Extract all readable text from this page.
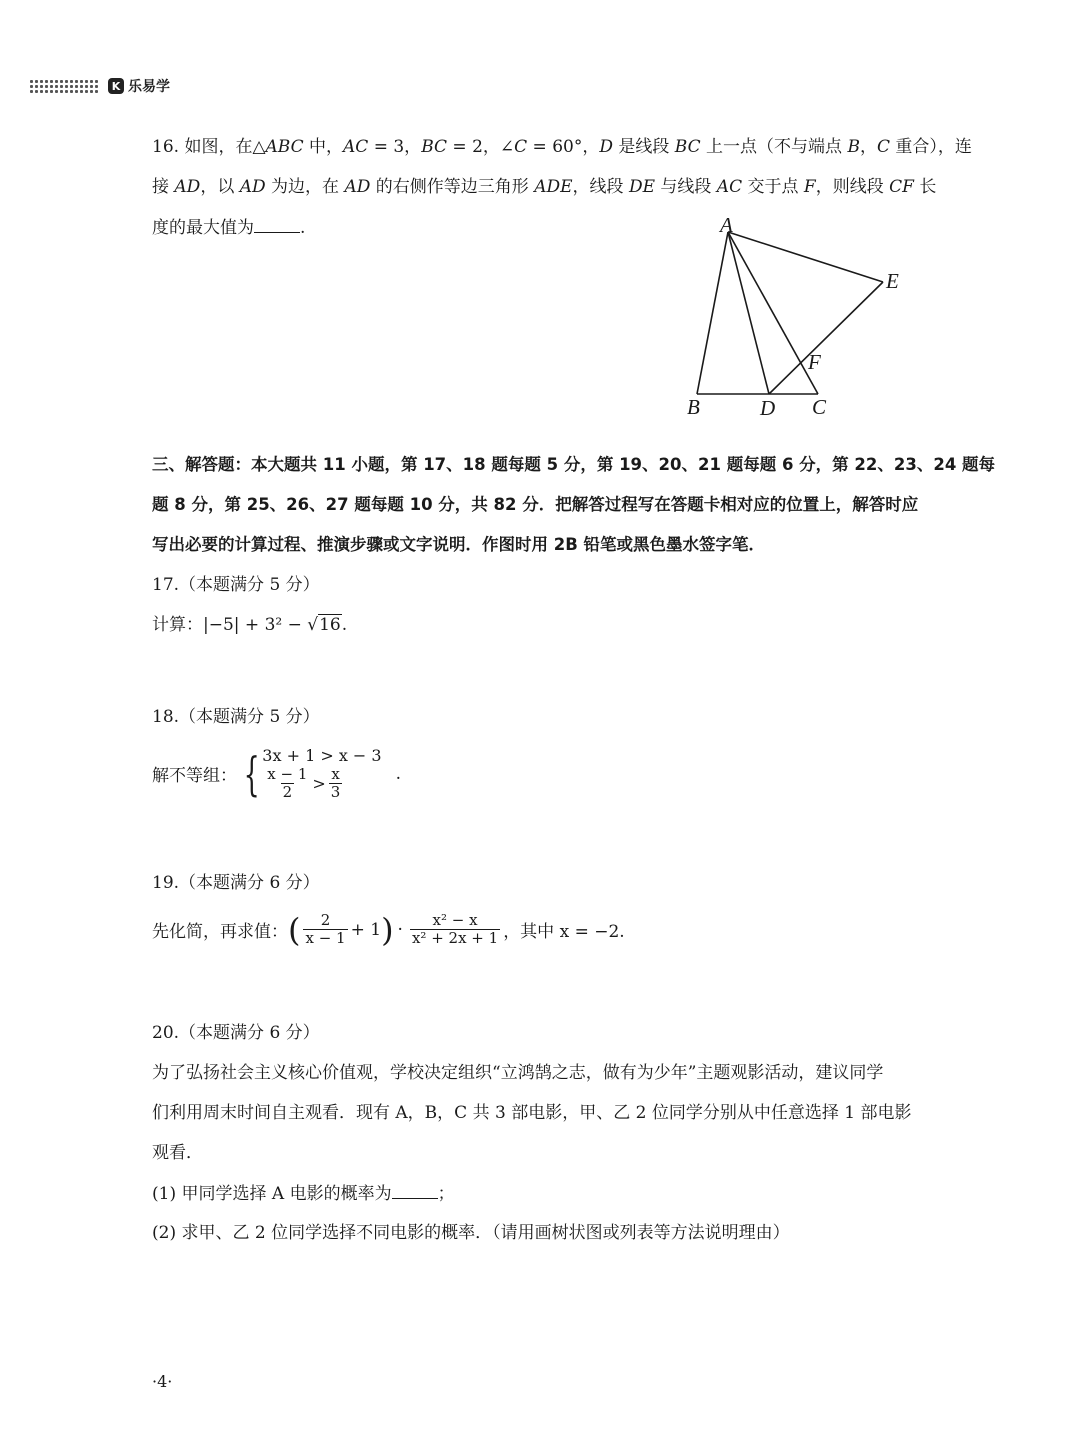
K 乐易学
16. 如图，在△ABC 中，AC = 3，BC = 2，∠C = 60°，D 是线段 BC 上一点（不与端点 B，C 重合），连
接 AD，以 AD 为边，在 AD 的右侧作等边三角形 ADE，线段 DE 与线段 AC 交于点 F，则线段 CF 长
度的最大值为	.	A
B	D C
E
F
三、解答题：本大题共 11 小题，第 17、18 题每题 5 分，第 19、20、21 题每题 6 分，第 22、23、24 题每
题 8 分，第 25、26、27 题每题 10 分，共 82 分．把解答过程写在答题卡相对应的位置上，解答时应
写出必要的计算过程、推演步骤或文字说明．作图时用 2B 铅笔或黑色墨水签字笔．
17.（本题满分 5 分）
计算：|−5| + 3² − √16.
18.（本题满分 5 分）
解不等组： { 3x + 1 > x − 3
$\frac{x - 1}{2} > \frac{x}{3}$	.
19.（本题满分 6 分）
先化简，再求值： ( $\frac{2}{x - 1} + 1$ ) · $\frac{\text{x² − x}}{\text{x² + 2x + 1}}$ ，其中 x = −2.
20.（本题满分 6 分）
为了弘扬社会主义核心价值观，学校决定组织“立鸿鹄之志，做有为少年”主题观影活动，建议同学
们利用周末时间自主观看．现有 A，B，C 共 3 部电影，甲、乙 2 位同学分别从中任意选择 1 部电影
观看．
(1) 甲同学选择 A 电影的概率为	；
(2) 求甲、乙 2 位同学选择不同电影的概率．（请用画树状图或列表等方法说明理由）
·4·
